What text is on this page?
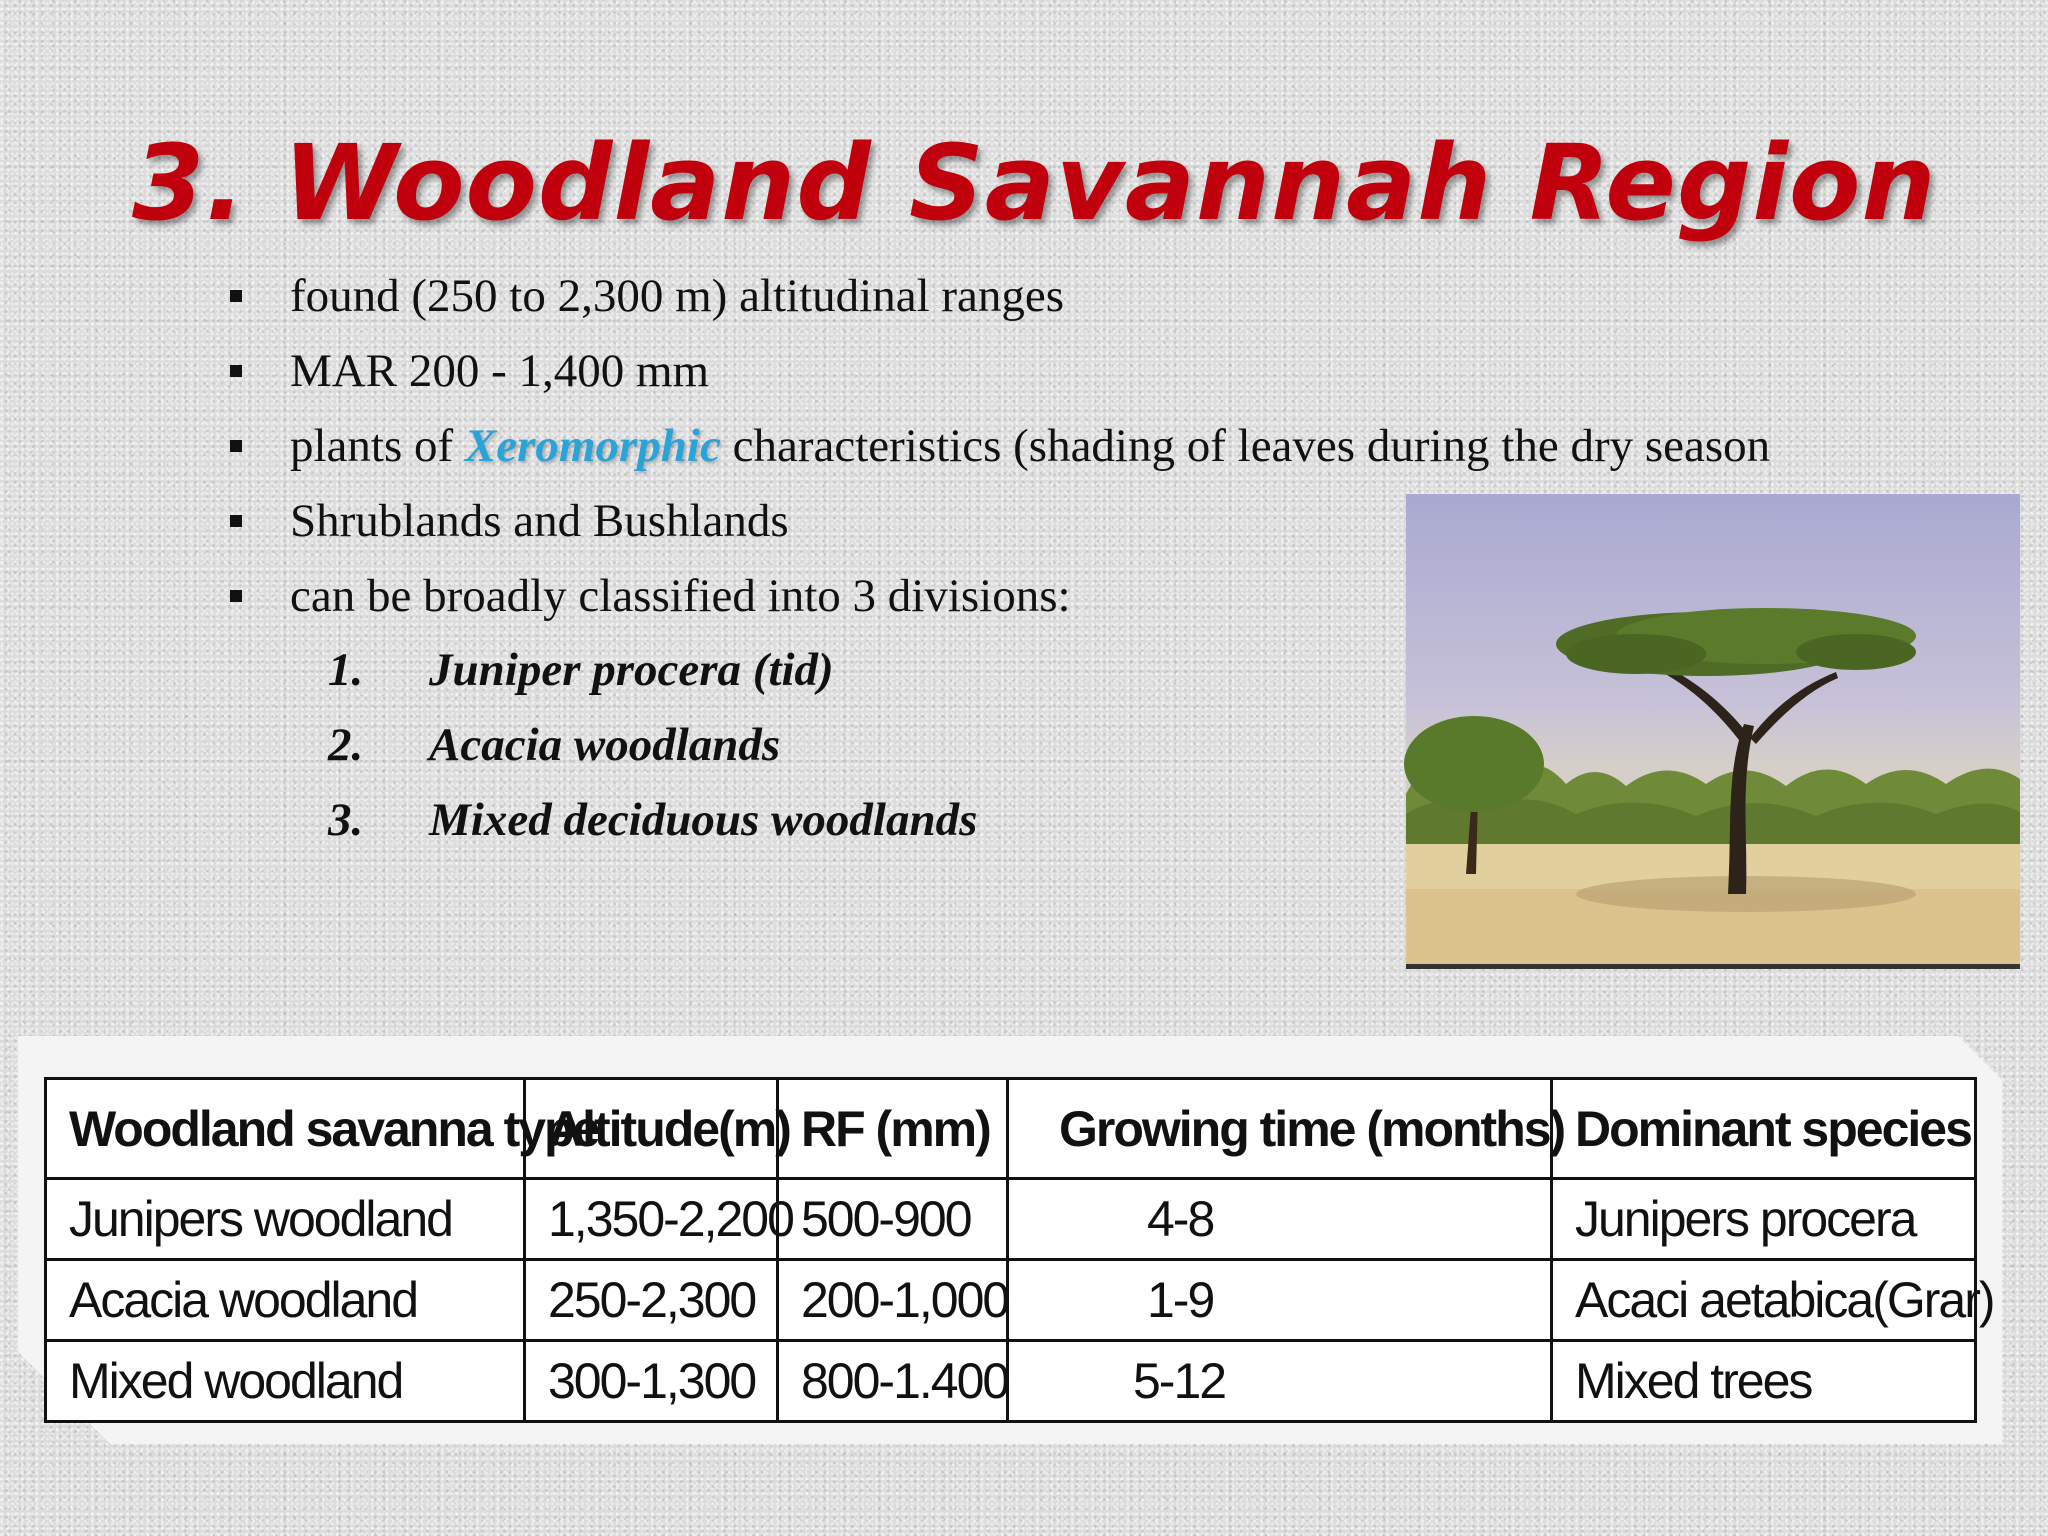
3. Woodland Savannah Region
found (250 to 2,300 m) altitudinal ranges
MAR 200 - 1,400 mm
plants of Xeromorphic characteristics (shading of leaves during the dry season
Shrublands and Bushlands
can be broadly classified into 3 divisions:
1. Juniper procera (tid)
2. Acacia woodlands
3. Mixed deciduous woodlands
Woodland savanna type	Altitude(m)	RF (mm)	Growing time (months)	Dominant species
Junipers woodland	1,350-2,200	500-900	4-8	Junipers procera
Acacia woodland	250-2,300	200-1,000	1-9	Acaci aetabica(Grar)
Mixed woodland	300-1,300	800-1.400	5-12	Mixed trees
